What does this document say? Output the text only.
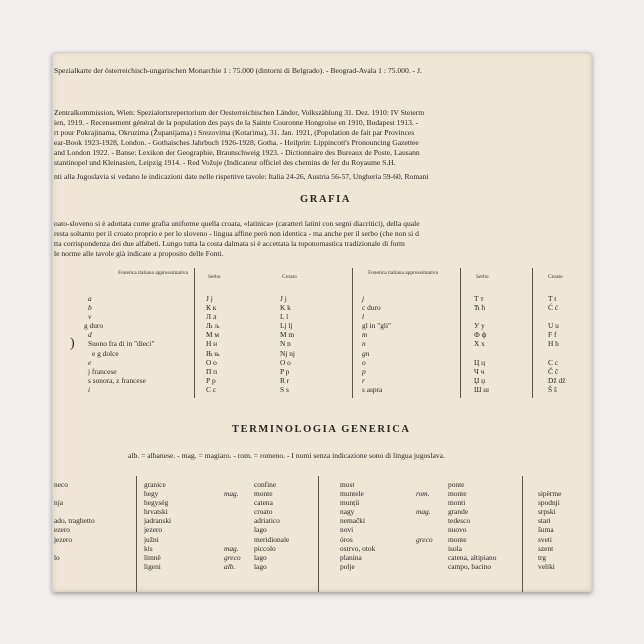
Spezialkarte der österreichisch-ungarischen Monarchie 1 : 75.000 (dintorni di Belgrado). - Beograd-Avala 1 : 75.000. - J.
Zentralkommission, Wien: Spezialortsrepertorium der Oesterreichischen Länder, Volkszählung 31. Dez. 1910: IV Steierm
ien, 1919. - Recensement général de la population des pays de la Sainte Couronne Hongroise en 1910, Budapest 1913. -
rt pour Pokrajinama, Okruzima (Županijama) i Srezovima (Kotarima), 31. Jan. 1921, (Population de fait par Provinces
ear-Book 1923-1928, London. - Gothaisches Jahrbuch 1926-1928, Gotha. - Heilprin: Lippincott's Pronouncing Gazettee
and London 1922. - Banse: Lexikon der Geographie, Braunschweig 1923. - Dictionnaire des Bureaux de Poste, Lausann
stantinopel und Kleinasien, Leipzig 1914. - Red Vožuje (Indicateur officiel des chemins de fer du Royaume S.H.
nti alla Jugoslavia si vedano le indicazioni date nelle rispettive tavole: Italia 24-26, Austria 56-57, Ungheria 59-60, Romani
GRAFIA
oato-sloveno si è adottata come grafia uniforme quella croata, «latinica» (caratteri latini con segni diacritici), della quale
resta soltanto per il croato proprio e per lo sloveno - lingua affine però non identica - ma anche per il serbo (che non si d
tta corrispondenza dei due alfabeti. Lungo tutta la costa dalmata si è accettata la toponomastica tradizionale di form
le norme alle tavole già indicate a proposito delle Fonti.
Fonetica italiana approssimativa
Serbo	Croato
Fonetica italiana approssimativa
Serbo	Croato
a
b
v
g duro
d
Suono fra di in "dieci"
e g dolce
e
j francese
s sonora, z francese
i
)
J j
К к
Л л
Љ љ
М м
Н н
Њ њ
О о
П п
Р р
С с
J j
K k
L l
Lj lj
M m
N n
Nj nj
O o
P p
R r
S s
j
c duro
l
gl in "gli"
m
n
gn
o
p
r
s aspra
Т т
Ћ ћ
У у
Ф ф
Х х
Ц ц
Ч ч
Џ џ
Ш ш
T t
Ć ć
U u
F f
H h
C c
Č č
Dž dž
Š š
TERMINOLOGIA GENERICA
alb. = albanese. - mag. = magiaro. - rom. = romeno. - I nomi senza indicazione sono di lingua jugoslava.
neco
nja
ado, traghetto
ezero
jezero
lo
granice
hegy
hegység
hrvatski
jadranski
jezero
južni
kis
limnë
ligeni
mag.
mag.
greco
alb.
confine
monte
catena
croato
adriatico
lago
meridionale
piccolo
lago
lago
most
muntele
munții
nagy
nemački
novi
óros
ostrvo, otok
planina
polje
rom.
mag.
greco
ponte
monte
monti
grande
tedesco
nuovo
monte
isola
catena, altipiano
campo, bacino
sipërme
spodnji
srpski
stari
šuma
sveti
szent
trg
veliki
